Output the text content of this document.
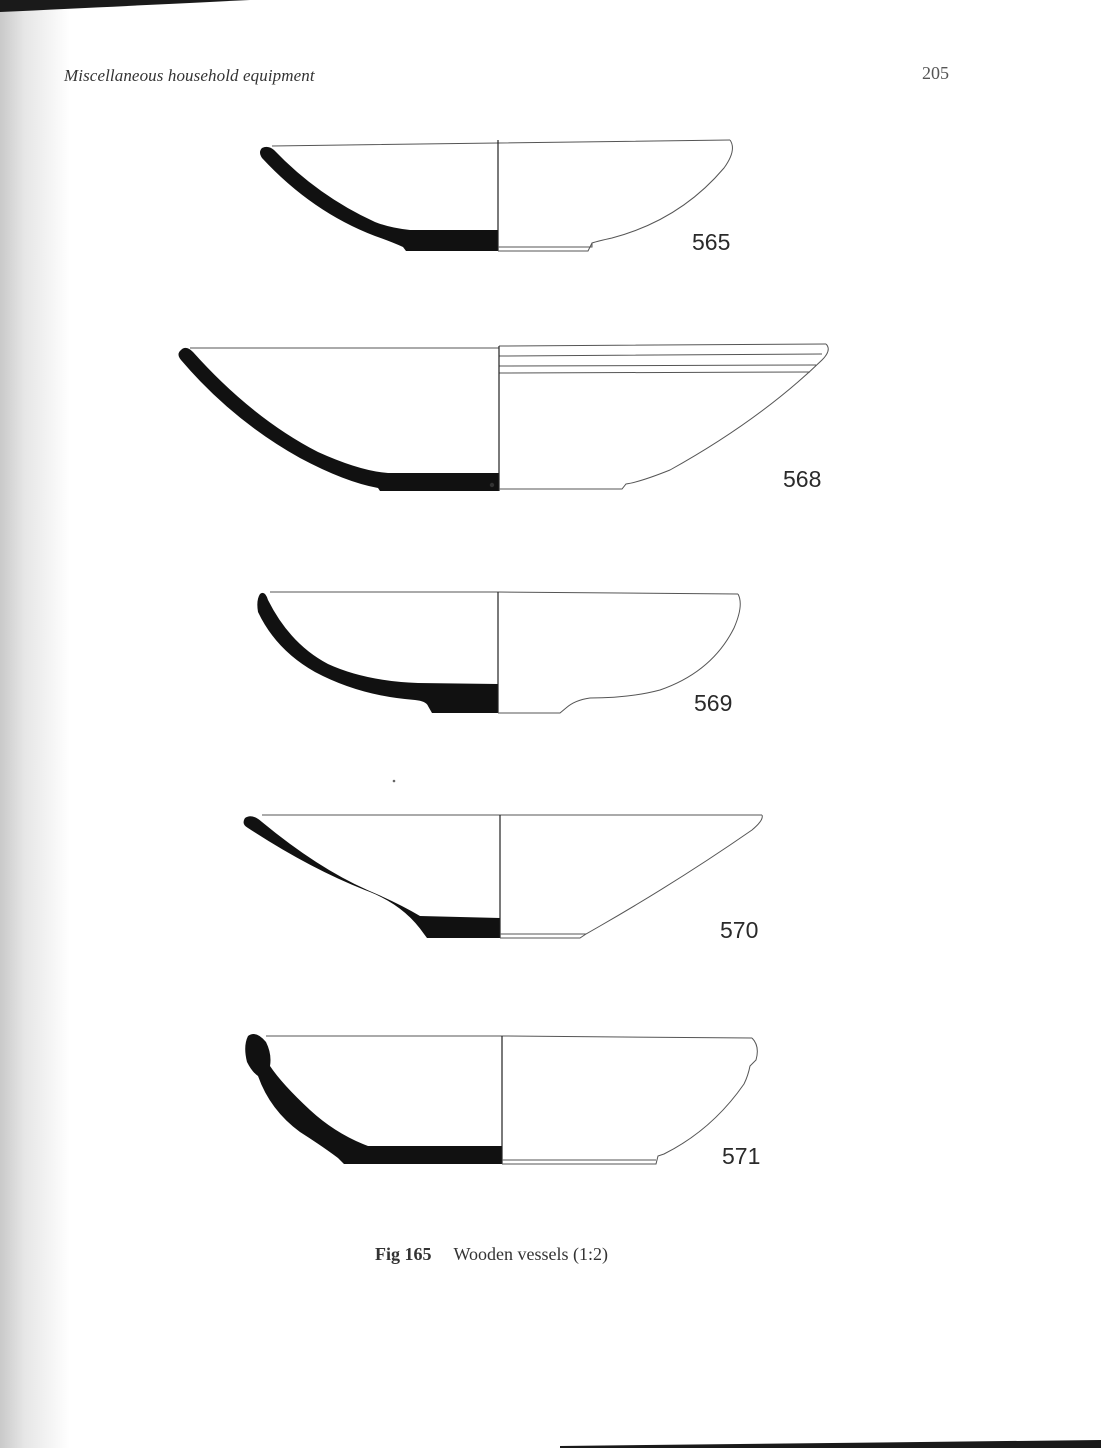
Miscellaneous household equipment	205
565
568
569
570
571
Fig 165 Wooden vessels (1:2)
